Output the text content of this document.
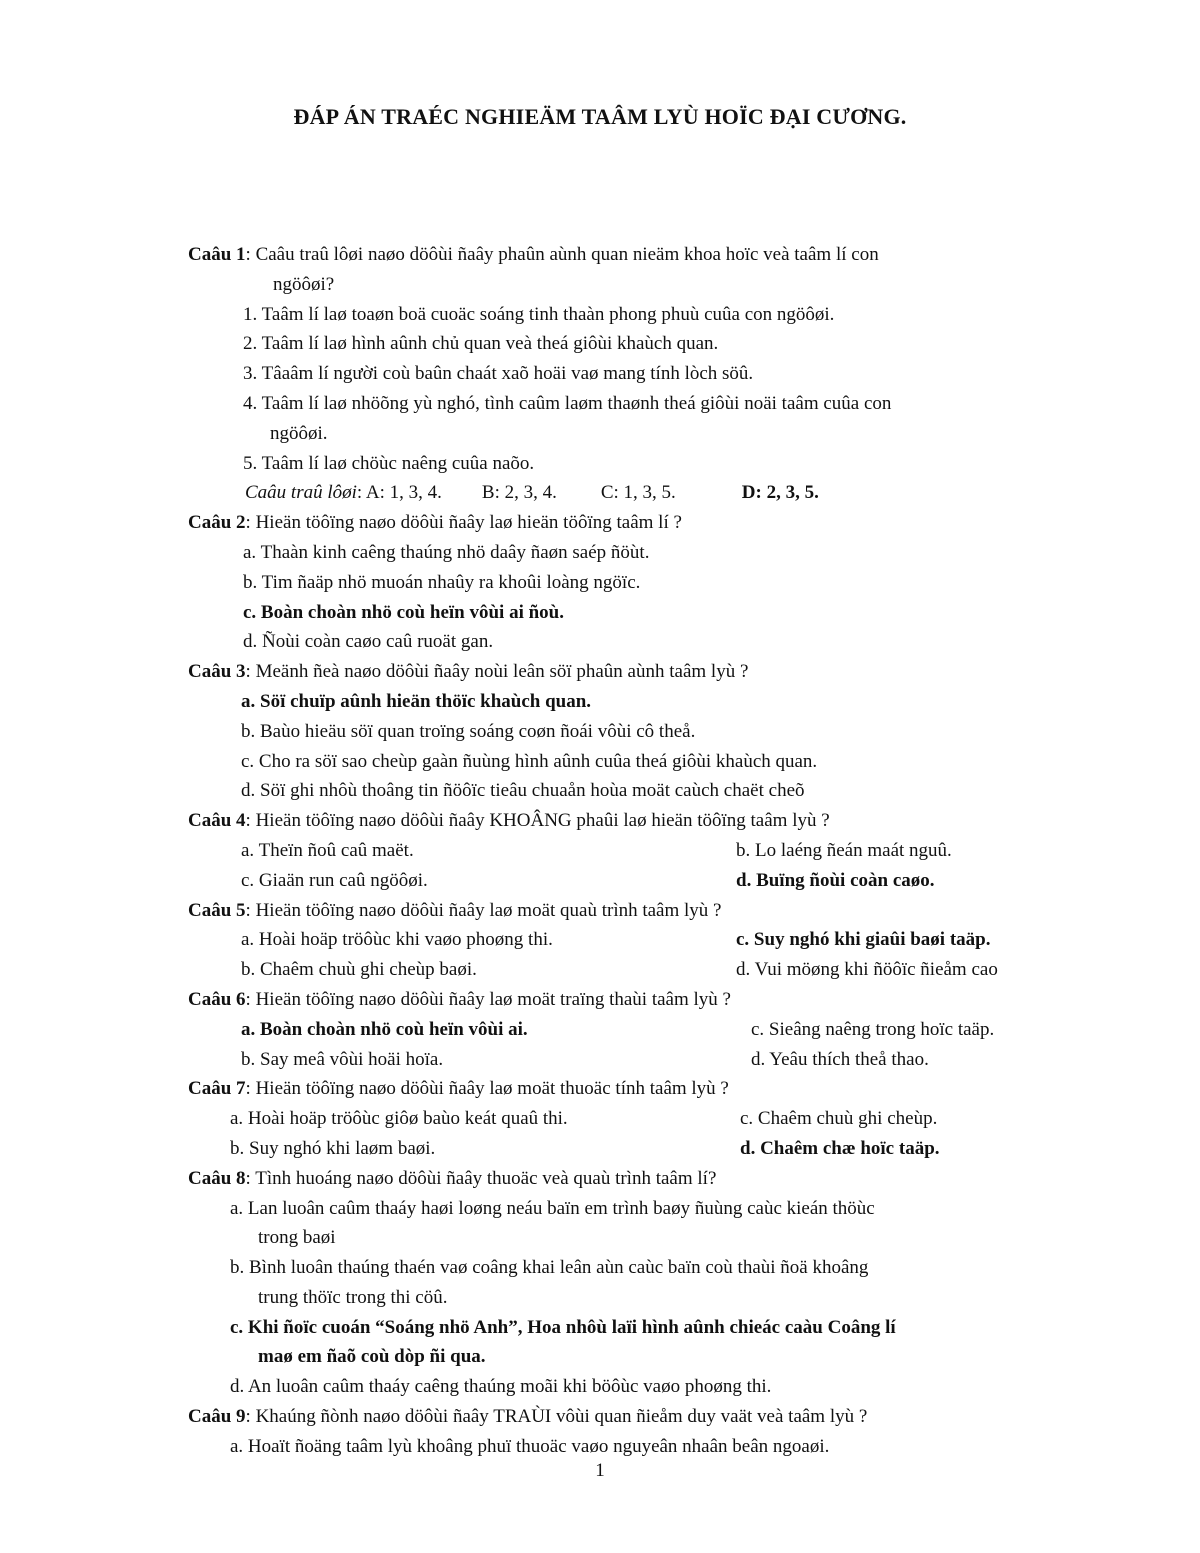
ĐÁP ÁN TRAÉC NGHIEÄM TAÂM LYÙ HOÏC ĐẠI CƯƠNG.
Caâu 1: Caâu traû lôøi naøo döôùi ñaây phaûn aùnh quan nieäm khoa hoïc veà taâm lí con
ngöôøi?
1. Taâm lí laø toaøn boä cuoäc soáng tinh thaàn phong phuù cuûa con ngöôøi.
2. Taâm lí laø hình aûnh chủ quan veà theá giôùi khaùch quan.
3. Tâaâm lí người coù baûn chaát xaõ hoäi vaø mang tính lòch söû.
4. Taâm lí laø nhöõng yù nghó, tình caûm laøm thaønh theá giôùi noäi taâm cuûa con
ngöôøi.
5. Taâm lí laø chöùc naêng cuûa naõo.
Caâu traû lôøi: A: 1, 3, 4. B: 2, 3, 4. C: 1, 3, 5.	D: 2, 3, 5.
Caâu 2: Hieän töôïng naøo döôùi ñaây laø hieän töôïng taâm lí ?
a. Thaàn kinh caêng thaúng nhö daây ñaøn saép ñöùt.
b. Tim ñaäp nhö muoán nhaûy ra khoûi loàng ngöïc.
c. Boàn choàn nhö coù heïn vôùi ai ñoù.
d. Ñoùi coàn caøo caû ruoät gan.
Caâu 3: Meänh ñeà naøo döôùi ñaây noùi leân söï phaûn aùnh taâm lyù ?
a. Söï chuïp aûnh hieän thöïc khaùch quan.
b. Baùo hieäu söï quan troïng soáng coøn ñoái vôùi cô theå.
c. Cho ra söï sao cheùp gaàn ñuùng hình aûnh cuûa theá giôùi khaùch quan.
d. Söï ghi nhôù thoâng tin ñöôïc tieâu chuaån hoùa moät caùch chaët cheõ
Caâu 4: Hieän töôïng naøo döôùi ñaây KHOÂNG phaûi laø hieän töôïng taâm lyù ?
a. Theïn ñoû caû maët.	b. Lo laéng ñeán maát nguû.
c. Giaän run caû ngöôøi.	d. Buïng ñoùi coàn caøo.
Caâu 5: Hieän töôïng naøo döôùi ñaây laø moät quaù trình taâm lyù ?
a. Hoài hoäp tröôùc khi vaøo phoøng thi.	c. Suy nghó khi giaûi baøi taäp.
b. Chaêm chuù ghi cheùp baøi.	d. Vui möøng khi ñöôïc ñieåm cao
Caâu 6: Hieän töôïng naøo döôùi ñaây laø moät traïng thaùi taâm lyù ?
a. Boàn choàn nhö coù heïn vôùi ai.	c. Sieâng naêng trong hoïc taäp.
b. Say meâ vôùi hoäi hoïa.	d. Yeâu thích theå thao.
Caâu 7: Hieän töôïng naøo döôùi ñaây laø moät thuoäc tính taâm lyù ?
a. Hoài hoäp tröôùc giôø baùo keát quaû thi.	c. Chaêm chuù ghi cheùp.
b. Suy nghó khi laøm baøi.	d. Chaêm chæ hoïc taäp.
Caâu 8: Tình huoáng naøo döôùi ñaây thuoäc veà quaù trình taâm lí?
a. Lan luoân caûm thaáy haøi loøng neáu baïn em trình baøy ñuùng caùc kieán thöùc
trong baøi
b. Bình luoân thaúng thaén vaø coâng khai leân aùn caùc baïn coù thaùi ñoä khoâng
trung thöïc trong thi cöû.
c. Khi ñoïc cuoán “Soáng nhö Anh”, Hoa nhôù laïi hình aûnh chieác caàu Coâng lí
maø em ñaõ coù dòp ñi qua.
d. An luoân caûm thaáy caêng thaúng moãi khi böôùc vaøo phoøng thi.
Caâu 9: Khaúng ñònh naøo döôùi ñaây TRAÙI vôùi quan ñieåm duy vaät veà taâm lyù ?
a. Hoaït ñoäng taâm lyù khoâng phuï thuoäc vaøo nguyeân nhaân beân ngoaøi.
1
